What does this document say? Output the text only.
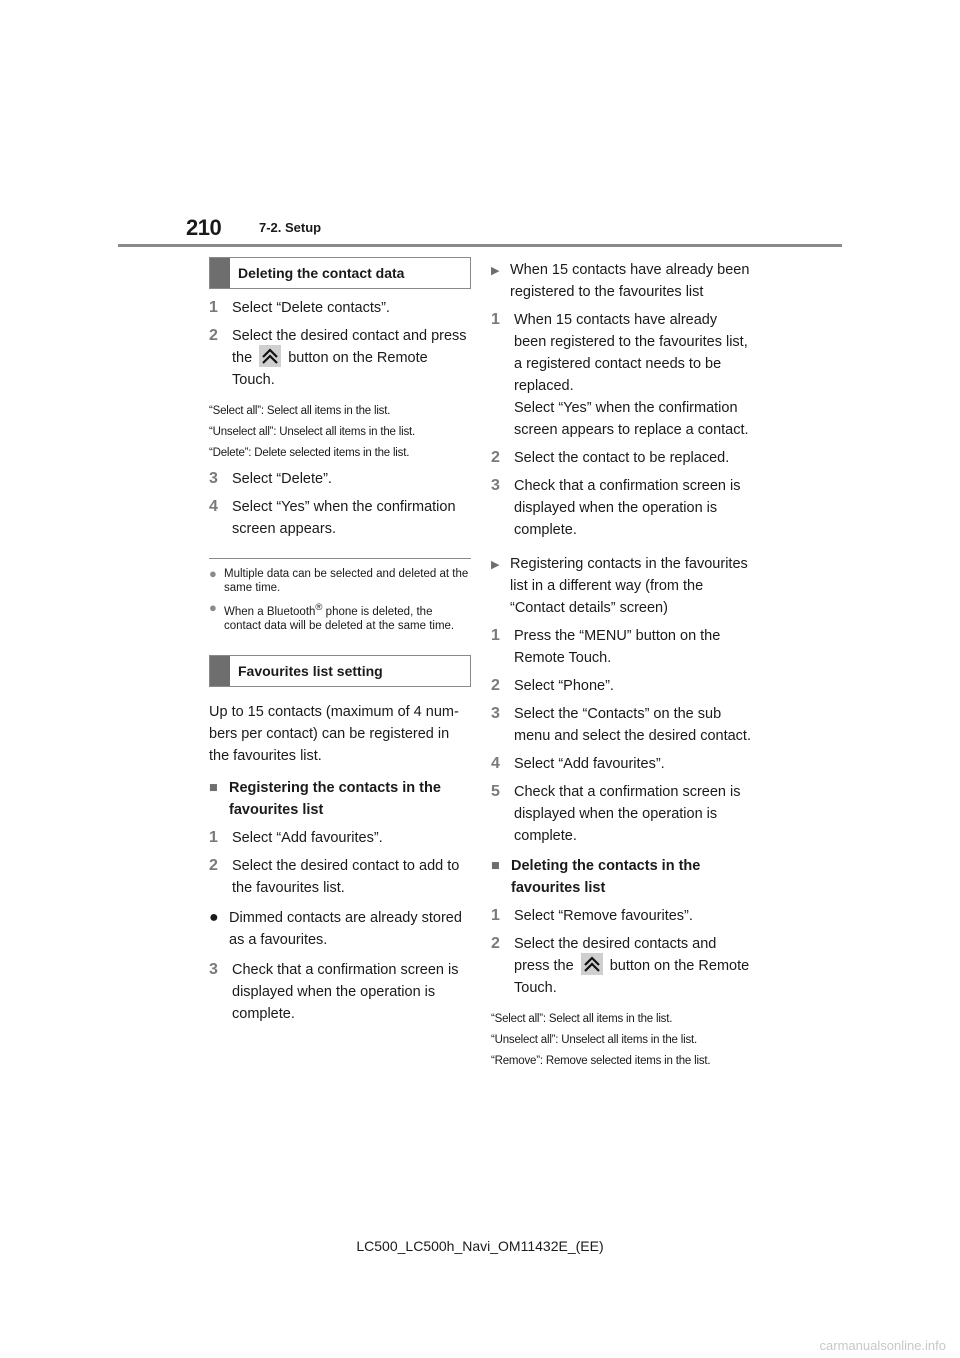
210	7-2. Setup
Deleting the contact data
1 Select “Delete contacts”.
2 Select the desired contact and press the button on the Remote Touch.
“Select all”: Select all items in the list.
“Unselect all”: Unselect all items in the list.
“Delete”: Delete selected items in the list.
3 Select “Delete”.
4 Select “Yes” when the confirmation screen appears.
● Multiple data can be selected and deleted at the same time.
● When a Bluetooth® phone is deleted, the contact data will be deleted at the same time.
Favourites list setting
Up to 15 contacts (maximum of 4 num-
bers per contact) can be registered in
the favourites list.
■ Registering the contacts in the favourites list
1 Select “Add favourites”.
2 Select the desired contact to add to the favourites list.
● Dimmed contacts are already stored as a favourites.
3 Check that a confirmation screen is displayed when the operation is complete.
▶ When 15 contacts have already been registered to the favourites list
1 When 15 contacts have already been registered to the favourites list, a registered contact needs to be replaced.
Select “Yes” when the confirmation screen appears to replace a contact.
2 Select the contact to be replaced.
3 Check that a confirmation screen is displayed when the operation is complete.
▶ Registering contacts in the favourites list in a different way (from the “Contact details” screen)
1 Press the “MENU” button on the Remote Touch.
2 Select “Phone”.
3 Select the “Contacts” on the sub menu and select the desired contact.
4 Select “Add favourites”.
5 Check that a confirmation screen is displayed when the operation is complete.
■ Deleting the contacts in the favourites list
1 Select “Remove favourites”.
2 Select the desired contacts and press the button on the Remote Touch.
“Select all”: Select all items in the list.
“Unselect all”: Unselect all items in the list.
“Remove”: Remove selected items in the list.
LC500_LC500h_Navi_OM11432E_(EE)
carmanualsonline.info
